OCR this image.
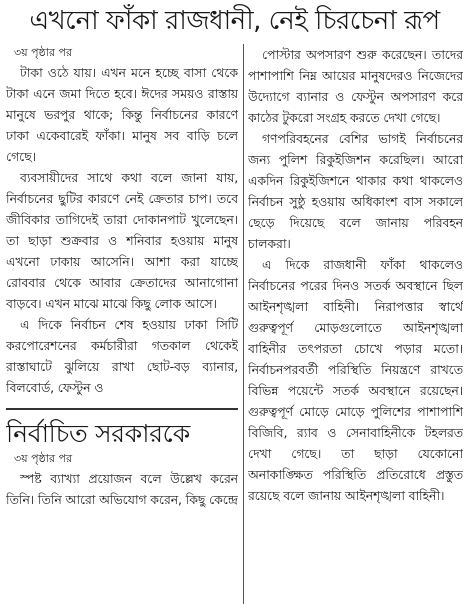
এখনো ফাঁকা রাজধানী, নেই চিরচেনা রূপ
৩য় পৃষ্ঠার পর

টাকা ওঠে যায়। এখন মনে হচ্ছে বাসা থেকে টাকা এনে জমা দিতে হবে। ঈদের সময়ও রাস্তায় মানুষে ভরপুর থাকে; কিন্তু নির্বাচনের কারণে ঢাকা একেবারেই ফাঁকা। মানুষ সব বাড়ি চলে গেছে।

ব্যবসায়ীদের সাথে কথা বলে জানা যায়, নির্বাচনের ছুটির কারণে নেই ক্রেতার চাপ। তবে জীবিকার তাগিদেই তারা দোকানপাট খুলেছেন। তা ছাড়া শুক্রবার ও শনিবার হওয়ায় মানুষ এখনো ঢাকায় আসেনি। আশা করা যাচ্ছে রোববার থেকে আবার ক্রেতাদের আনাগোনা বাড়বে। এখন মাঝে মাঝে কিছু লোক আসে।

এ দিকে নির্বাচন শেষ হওয়ায় ঢাকা সিটি করপোরেশনের কর্মচারীরা গতকাল থেকেই রাস্তাঘাটে ঝুলিয়ে রাখা ছোট-বড় ব্যানার, বিলবোর্ড, ফেস্টুন ও

নির্বাচিত সরকারকে
৩য় পৃষ্ঠার পর

স্পষ্ট ব্যাখ্যা প্রয়োজন বলে উল্লেখ করেন তিনি। তিনি আরো অভিযোগ করেন, কিছু কেন্দ্রে

পোস্টার অপসারণ শুরু করেছেন। তাদের পাশাপাশি নিম্ন আয়ের মানুষদেরও নিজেদের উদ্যোগে ব্যানার ও ফেস্টুন অপসারণ করে কাঠের টুকরো সংগ্রহ করতে দেখা গেছে।

গণপরিবহনের বেশির ভাগই নির্বাচনের জন্য পুলিশ রিকুইজিশন করেছিল। আরো একদিন রিকুইজিশনে থাকার কথা থাকলেও নির্বাচন সুষ্ঠু হওয়ায় অধিকাংশ বাস সকালে ছেড়ে দিয়েছে বলে জানায় পরিবহন চালকরা।

এ দিকে রাজধানী ফাঁকা থাকলেও নির্বাচনের পরের দিনও সতর্ক অবস্থানে ছিল আইনশৃঙ্খলা বাহিনী। নিরাপত্তার স্বার্থে গুরুত্বপূর্ণ মোড়গুলোতে আইনশৃঙ্খলা বাহিনীর তৎপরতা চোখে পড়ার মতো। নির্বাচনপরবর্তী পরিস্থিতি নিয়ন্ত্রণে রাখতে বিভিন্ন পয়েন্টে সতর্ক অবস্থানে রয়েছেন। গুরুত্বপূর্ণ মোড়ে মোড়ে পুলিশের পাশাপাশি বিজিবি, র‌্যাব ও সেনাবাহিনীকে টহলরত দেখা গেছে। তা ছাড়া যেকোনো অনাকাঙ্ক্ষিত পরিস্থিতি প্রতিরোধে প্রস্তুত রয়েছে বলে জানায় আইনশৃঙ্খলা বাহিনী।
